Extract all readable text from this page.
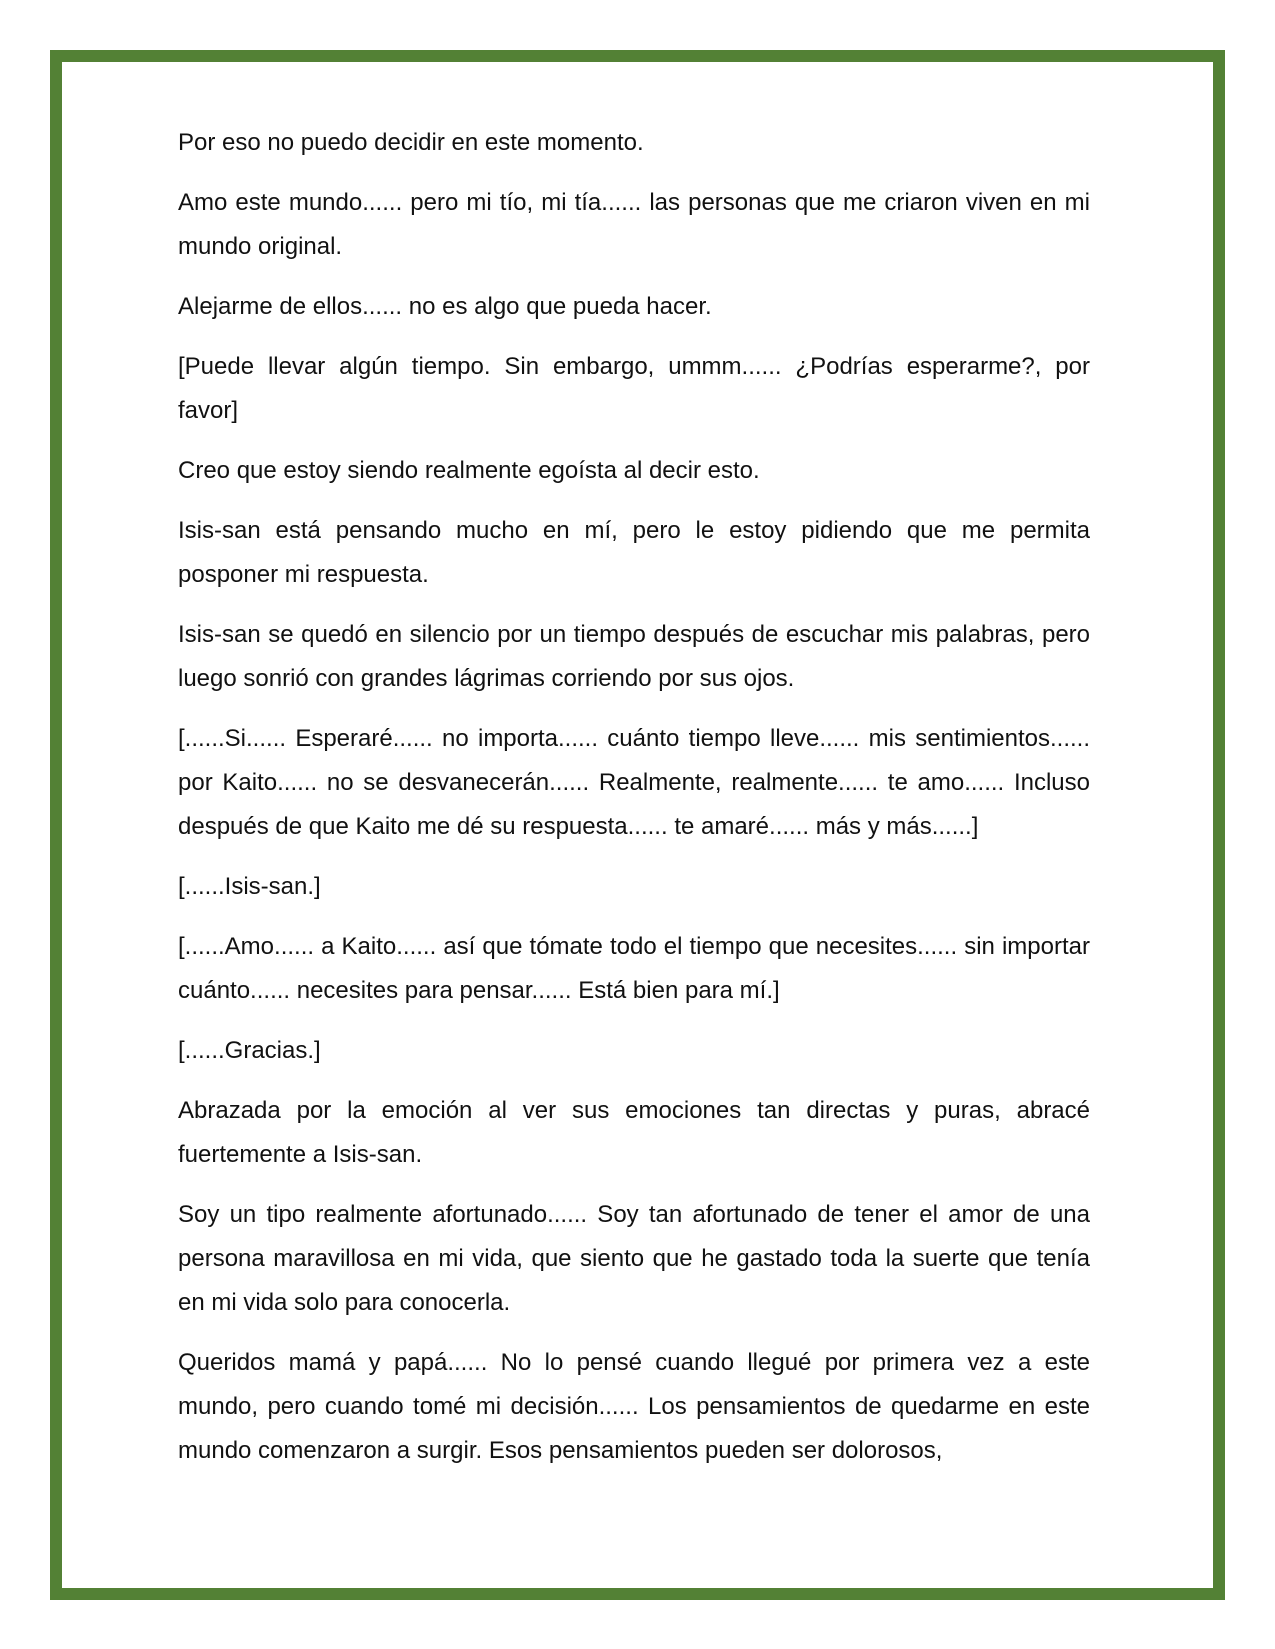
Por eso no puedo decidir en este momento.

Amo este mundo...... pero mi tío, mi tía...... las personas que me criaron viven en mi mundo original.

Alejarme de ellos...... no es algo que pueda hacer.

[Puede llevar algún tiempo. Sin embargo, ummm...... ¿Podrías esperarme?, por favor]

Creo que estoy siendo realmente egoísta al decir esto.

Isis-san está pensando mucho en mí, pero le estoy pidiendo que me permita posponer mi respuesta.

Isis-san se quedó en silencio por un tiempo después de escuchar mis palabras, pero luego sonrió con grandes lágrimas corriendo por sus ojos.

[......Si...... Esperaré...... no importa...... cuánto tiempo lleve...... mis sentimientos...... por Kaito...... no se desvanecerán...... Realmente, realmente...... te amo...... Incluso después de que Kaito me dé su respuesta...... te amaré...... más y más......]

[......Isis-san.]

[......Amo...... a Kaito...... así que tómate todo el tiempo que necesites...... sin importar cuánto...... necesites para pensar...... Está bien para mí.]

[......Gracias.]

Abrazada por la emoción al ver sus emociones tan directas y puras, abracé fuertemente a Isis-san.

Soy un tipo realmente afortunado...... Soy tan afortunado de tener el amor de una persona maravillosa en mi vida, que siento que he gastado toda la suerte que tenía en mi vida solo para conocerla.

Queridos mamá y papá...... No lo pensé cuando llegué por primera vez a este mundo, pero cuando tomé mi decisión...... Los pensamientos de quedarme en este mundo comenzaron a surgir. Esos pensamientos pueden ser dolorosos,
